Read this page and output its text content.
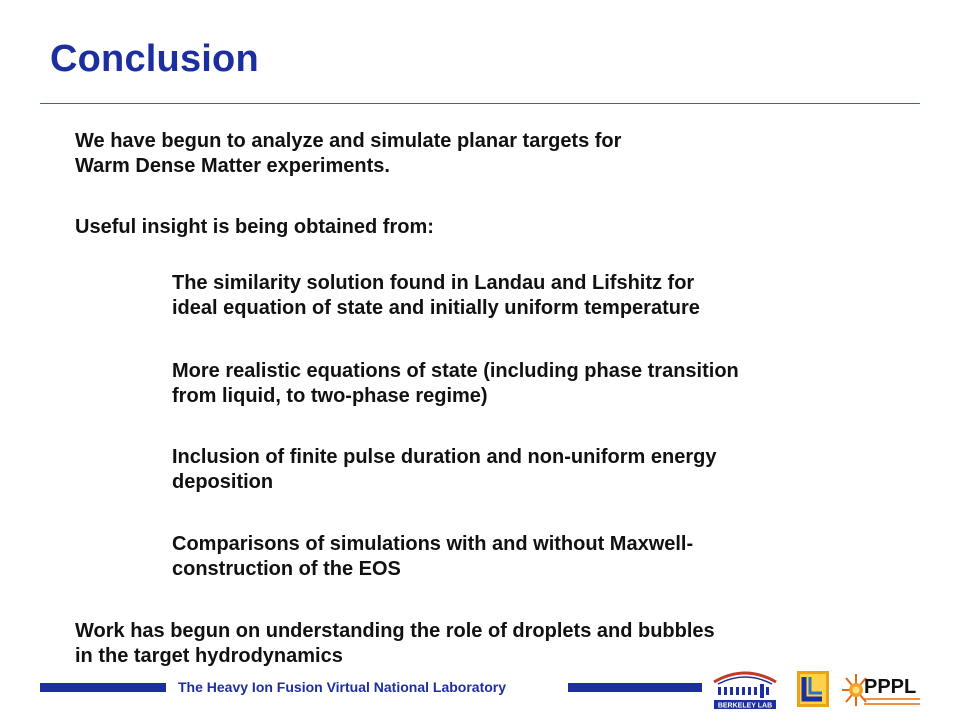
Conclusion

We have begun to analyze and simulate planar targets for
Warm Dense Matter experiments.

Useful insight is being obtained from:

The similarity solution found in Landau and Lifshitz for
ideal equation of state and initially uniform temperature

More realistic equations of state (including phase transition
from liquid, to two-phase regime)

Inclusion of finite pulse duration and non-uniform energy
deposition

Comparisons of simulations with and without Maxwell-
construction of the EOS

Work has begun on understanding the role of droplets and bubbles
in the target hydrodynamics

The Heavy Ion Fusion Virtual National Laboratory
BERKELEY LAB
PPPL
